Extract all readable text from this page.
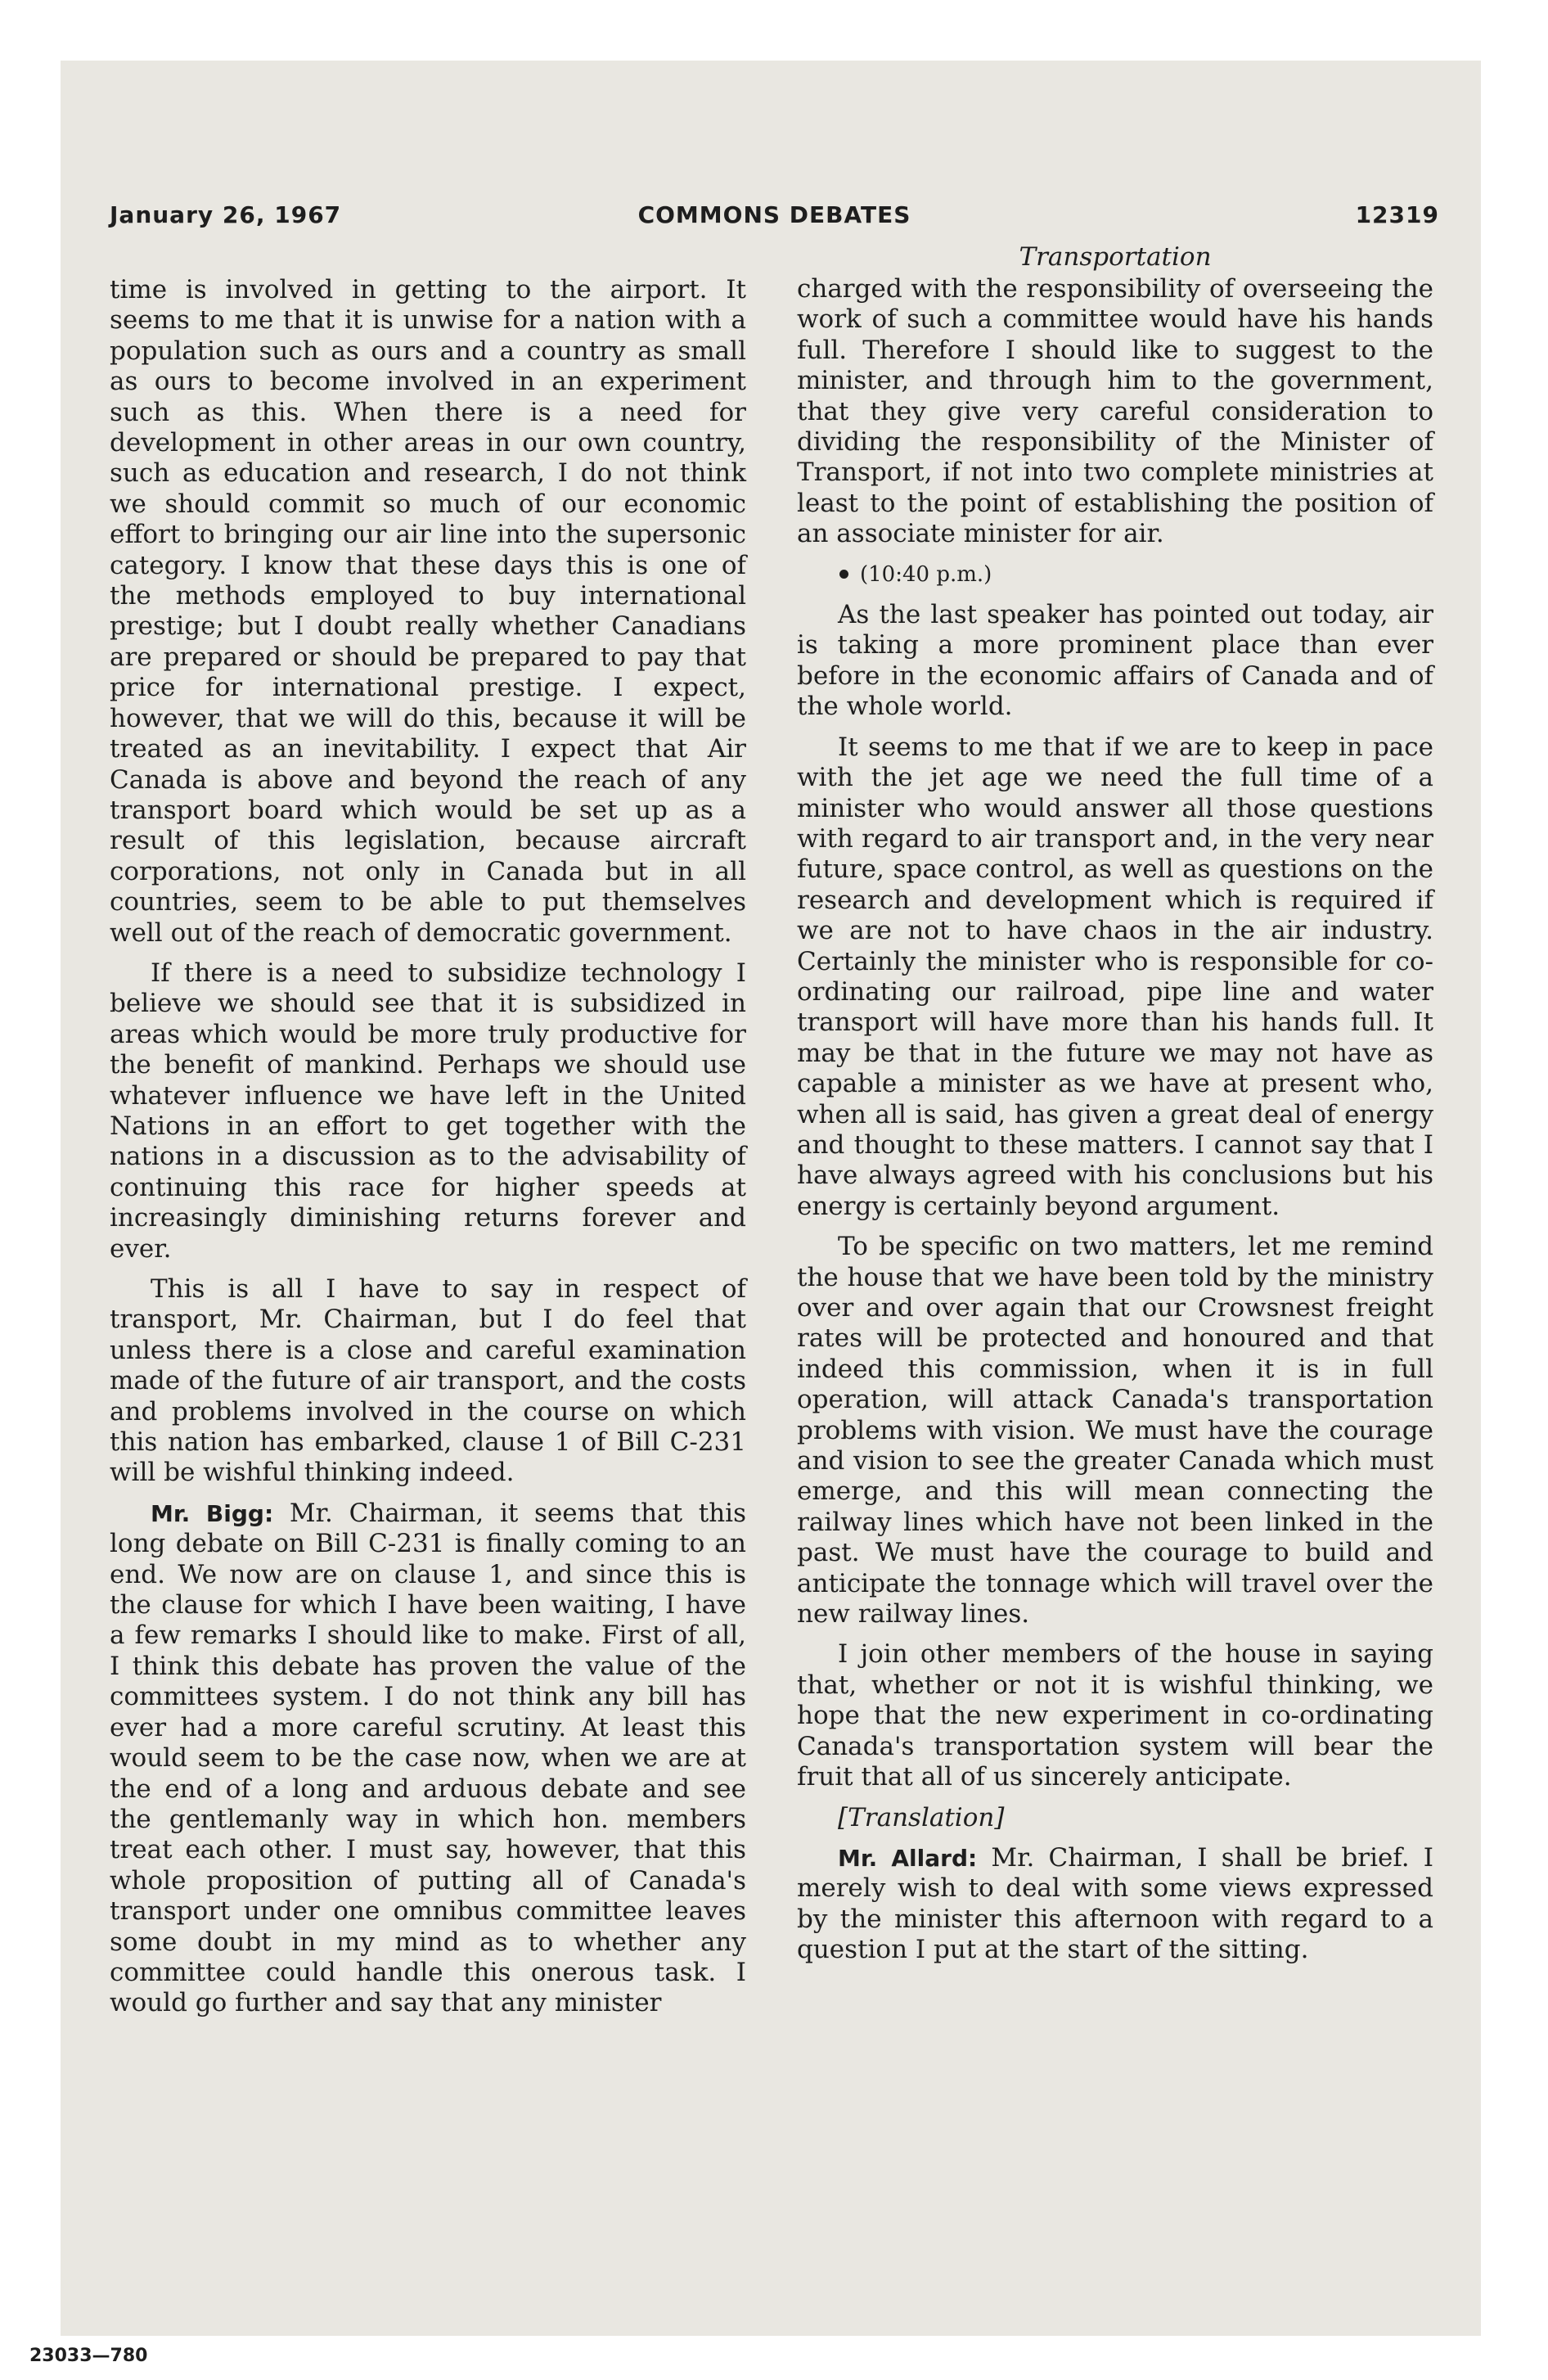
January 26, 1967	COMMONS DEBATES	12319

time is involved in getting to the airport. It seems to me that it is unwise for a nation with a population such as ours and a country as small as ours to become involved in an experiment such as this. When there is a need for development in other areas in our own country, such as education and research, I do not think we should commit so much of our economic effort to bringing our air line into the supersonic category. I know that these days this is one of the methods employed to buy international prestige; but I doubt really whether Canadians are prepared or should be prepared to pay that price for international prestige. I expect, however, that we will do this, because it will be treated as an inevitability. I expect that Air Canada is above and beyond the reach of any transport board which would be set up as a result of this legislation, because aircraft corporations, not only in Canada but in all countries, seem to be able to put themselves well out of the reach of democratic government.

If there is a need to subsidize technology I believe we should see that it is subsidized in areas which would be more truly productive for the benefit of mankind. Perhaps we should use whatever influence we have left in the United Nations in an effort to get together with the nations in a discussion as to the advisability of continuing this race for higher speeds at increasingly diminishing returns forever and ever.

This is all I have to say in respect of transport, Mr. Chairman, but I do feel that unless there is a close and careful examination made of the future of air transport, and the costs and problems involved in the course on which this nation has embarked, clause 1 of Bill C-231 will be wishful thinking indeed.

Mr. Bigg: Mr. Chairman, it seems that this long debate on Bill C-231 is finally coming to an end. We now are on clause 1, and since this is the clause for which I have been waiting, I have a few remarks I should like to make. First of all, I think this debate has proven the value of the committees system. I do not think any bill has ever had a more careful scrutiny. At least this would seem to be the case now, when we are at the end of a long and arduous debate and see the gentlemanly way in which hon. members treat each other. I must say, however, that this whole proposition of putting all of Canada's transport under one omnibus committee leaves some doubt in my mind as to whether any committee could handle this onerous task. I would go further and say that any minister

Transportation

charged with the responsibility of overseeing the work of such a committee would have his hands full. Therefore I should like to suggest to the minister, and through him to the government, that they give very careful consideration to dividing the responsibility of the Minister of Transport, if not into two complete ministries at least to the point of establishing the position of an associate minister for air.

(10:40 p.m.)

As the last speaker has pointed out today, air is taking a more prominent place than ever before in the economic affairs of Canada and of the whole world.

It seems to me that if we are to keep in pace with the jet age we need the full time of a minister who would answer all those questions with regard to air transport and, in the very near future, space control, as well as questions on the research and development which is required if we are not to have chaos in the air industry. Certainly the minister who is responsible for co-ordinating our railroad, pipe line and water transport will have more than his hands full. It may be that in the future we may not have as capable a minister as we have at present who, when all is said, has given a great deal of energy and thought to these matters. I cannot say that I have always agreed with his conclusions but his energy is certainly beyond argument.

To be specific on two matters, let me remind the house that we have been told by the ministry over and over again that our Crowsnest freight rates will be protected and honoured and that indeed this commission, when it is in full operation, will attack Canada's transportation problems with vision. We must have the courage and vision to see the greater Canada which must emerge, and this will mean connecting the railway lines which have not been linked in the past. We must have the courage to build and anticipate the tonnage which will travel over the new railway lines.

I join other members of the house in saying that, whether or not it is wishful thinking, we hope that the new experiment in co-ordinating Canada's transportation system will bear the fruit that all of us sincerely anticipate.

[Translation]

Mr. Allard: Mr. Chairman, I shall be brief. I merely wish to deal with some views expressed by the minister this afternoon with regard to a question I put at the start of the sitting.

23033—780
